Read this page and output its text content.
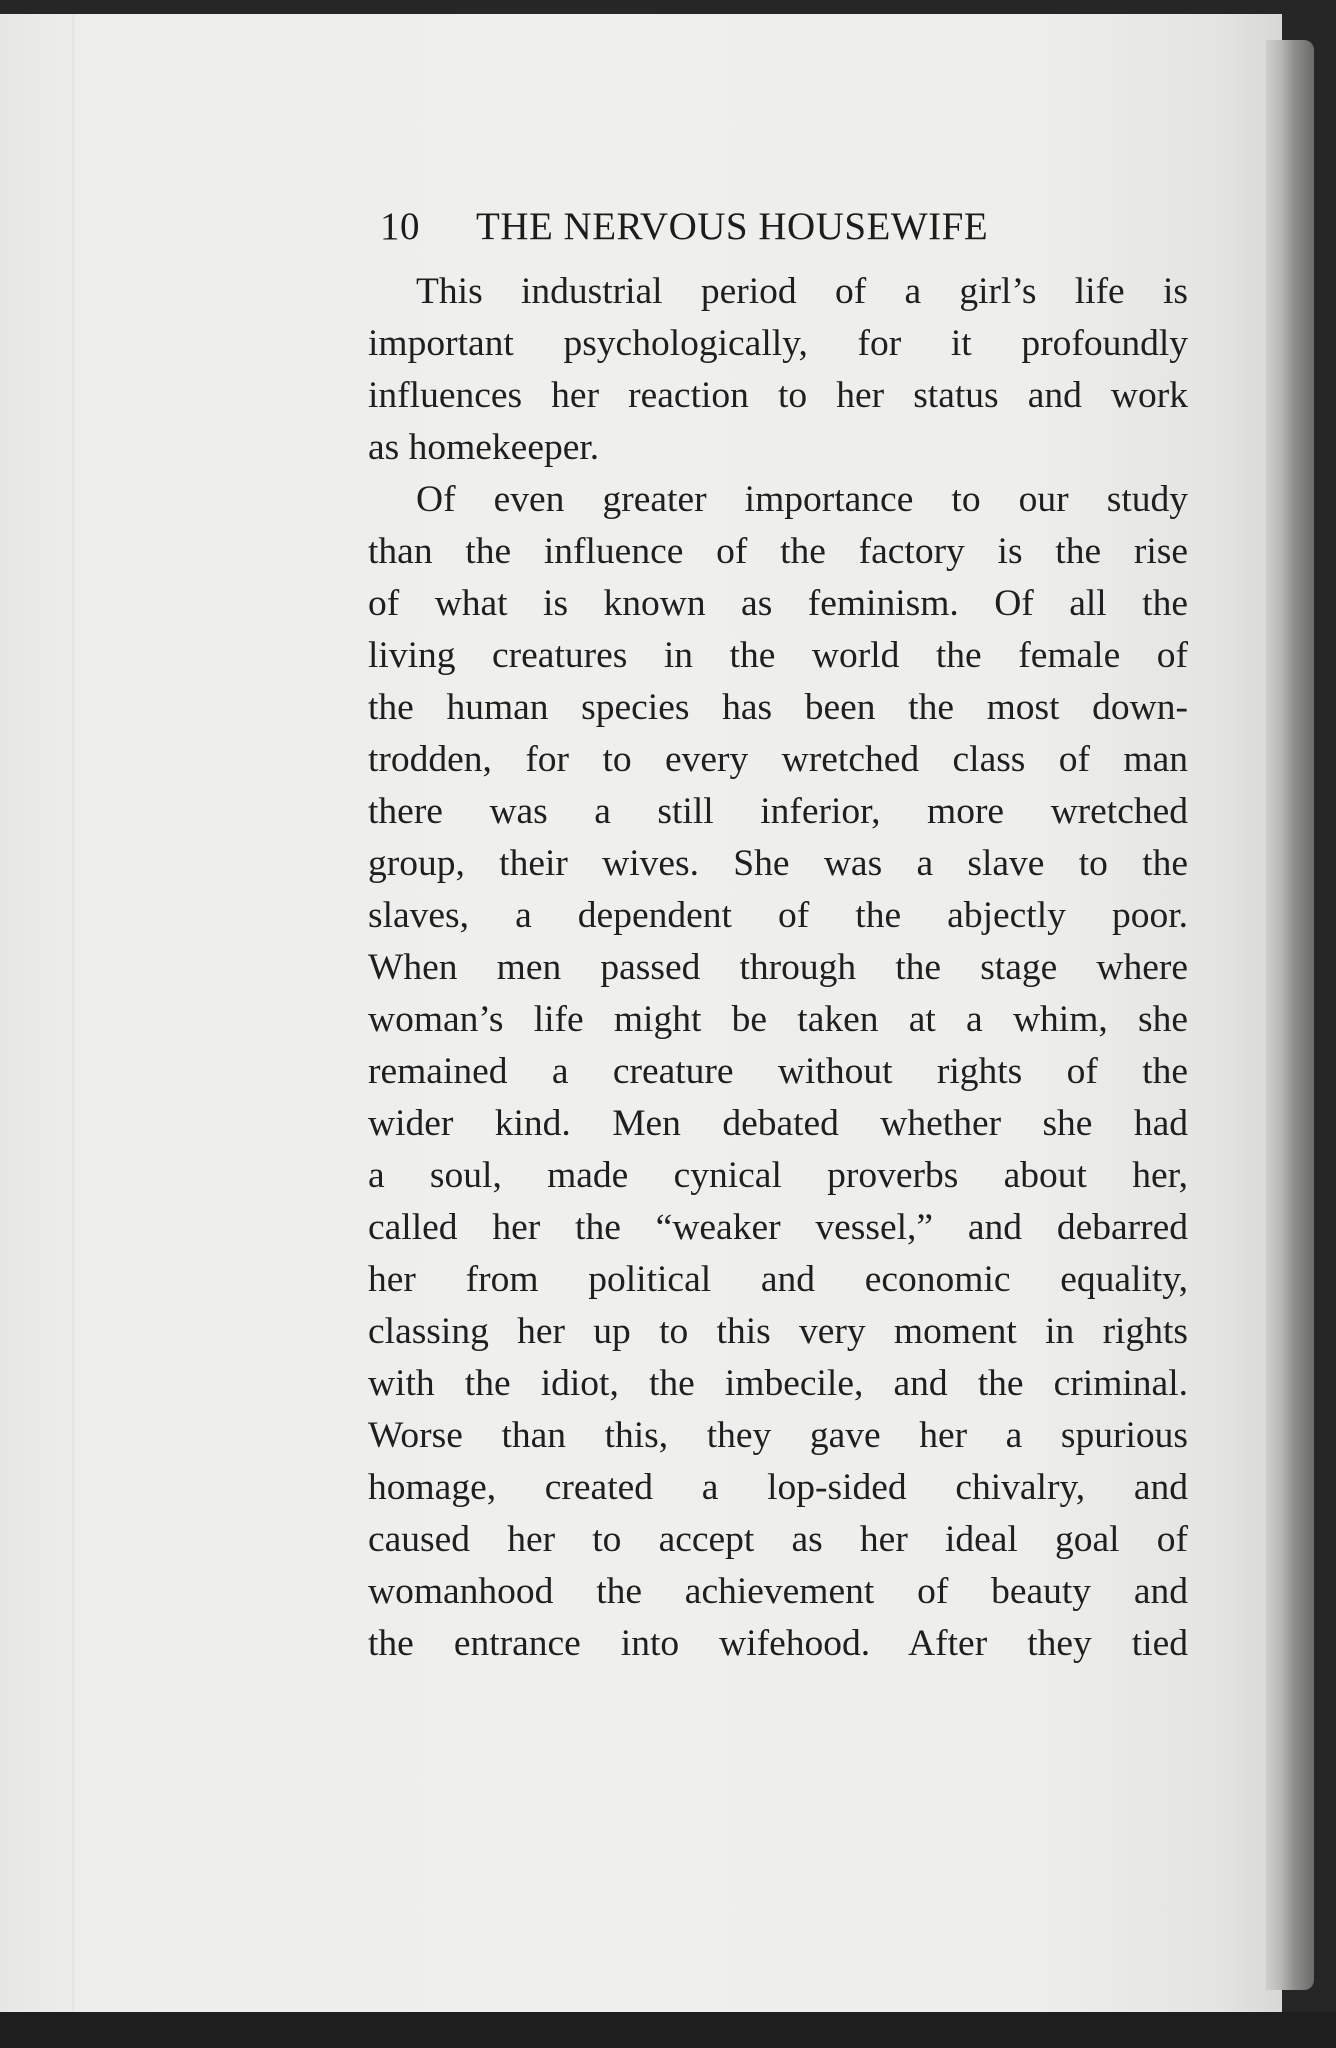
10 THE NERVOUS HOUSEWIFE

This industrial period of a girl’s life is
important psychologically, for it profoundly
influences her reaction to her status and work
as homekeeper.

Of even greater importance to our study
than the influence of the factory is the rise
of what is known as feminism. Of all the
living creatures in the world the female of
the human species has been the most down-
trodden, for to every wretched class of man
there was a still inferior, more wretched
group, their wives. She was a slave to the
slaves, a dependent of the abjectly poor.
When men passed through the stage where
woman’s life might be taken at a whim, she
remained a creature without rights of the
wider kind. Men debated whether she had
a soul, made cynical proverbs about her,
called her the “weaker vessel,” and debarred
her from political and economic equality,
classing her up to this very moment in rights
with the idiot, the imbecile, and the criminal.
Worse than this, they gave her a spurious
homage, created a lop-sided chivalry, and
caused her to accept as her ideal goal of
womanhood the achievement of beauty and
the entrance into wifehood. After they tied
